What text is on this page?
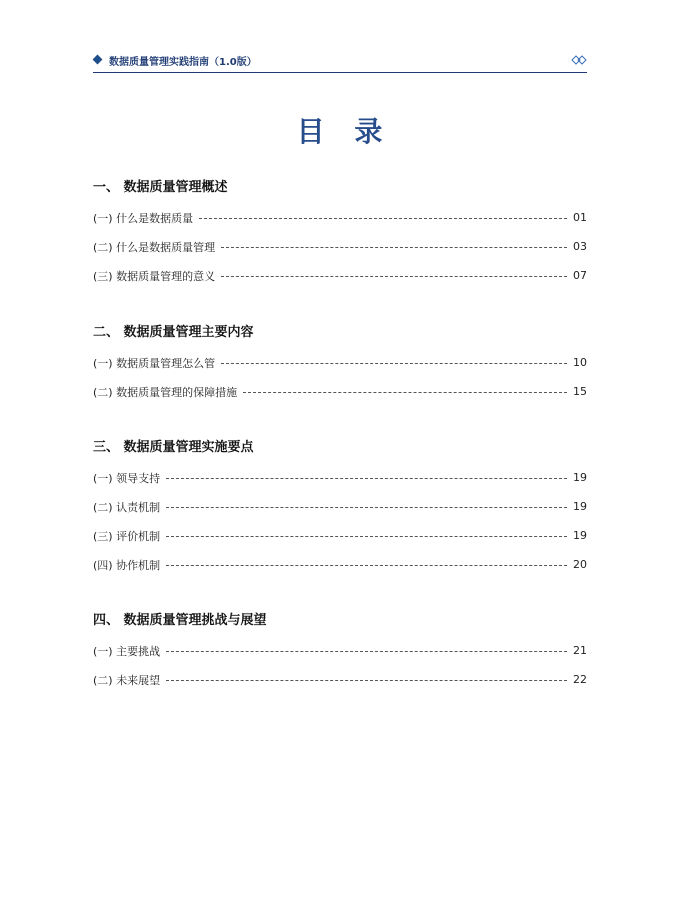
数据质量管理实践指南（1.0版）
目 录
一、 数据质量管理概述
(一) 什么是数据质量	01
(二) 什么是数据质量管理	03
(三) 数据质量管理的意义	07
二、 数据质量管理主要内容
(一) 数据质量管理怎么管	10
(二) 数据质量管理的保障措施	15
三、 数据质量管理实施要点
(一) 领导支持	19
(二) 认责机制	19
(三) 评价机制	19
(四) 协作机制	20
四、 数据质量管理挑战与展望
(一) 主要挑战	21
(二) 未来展望	22
